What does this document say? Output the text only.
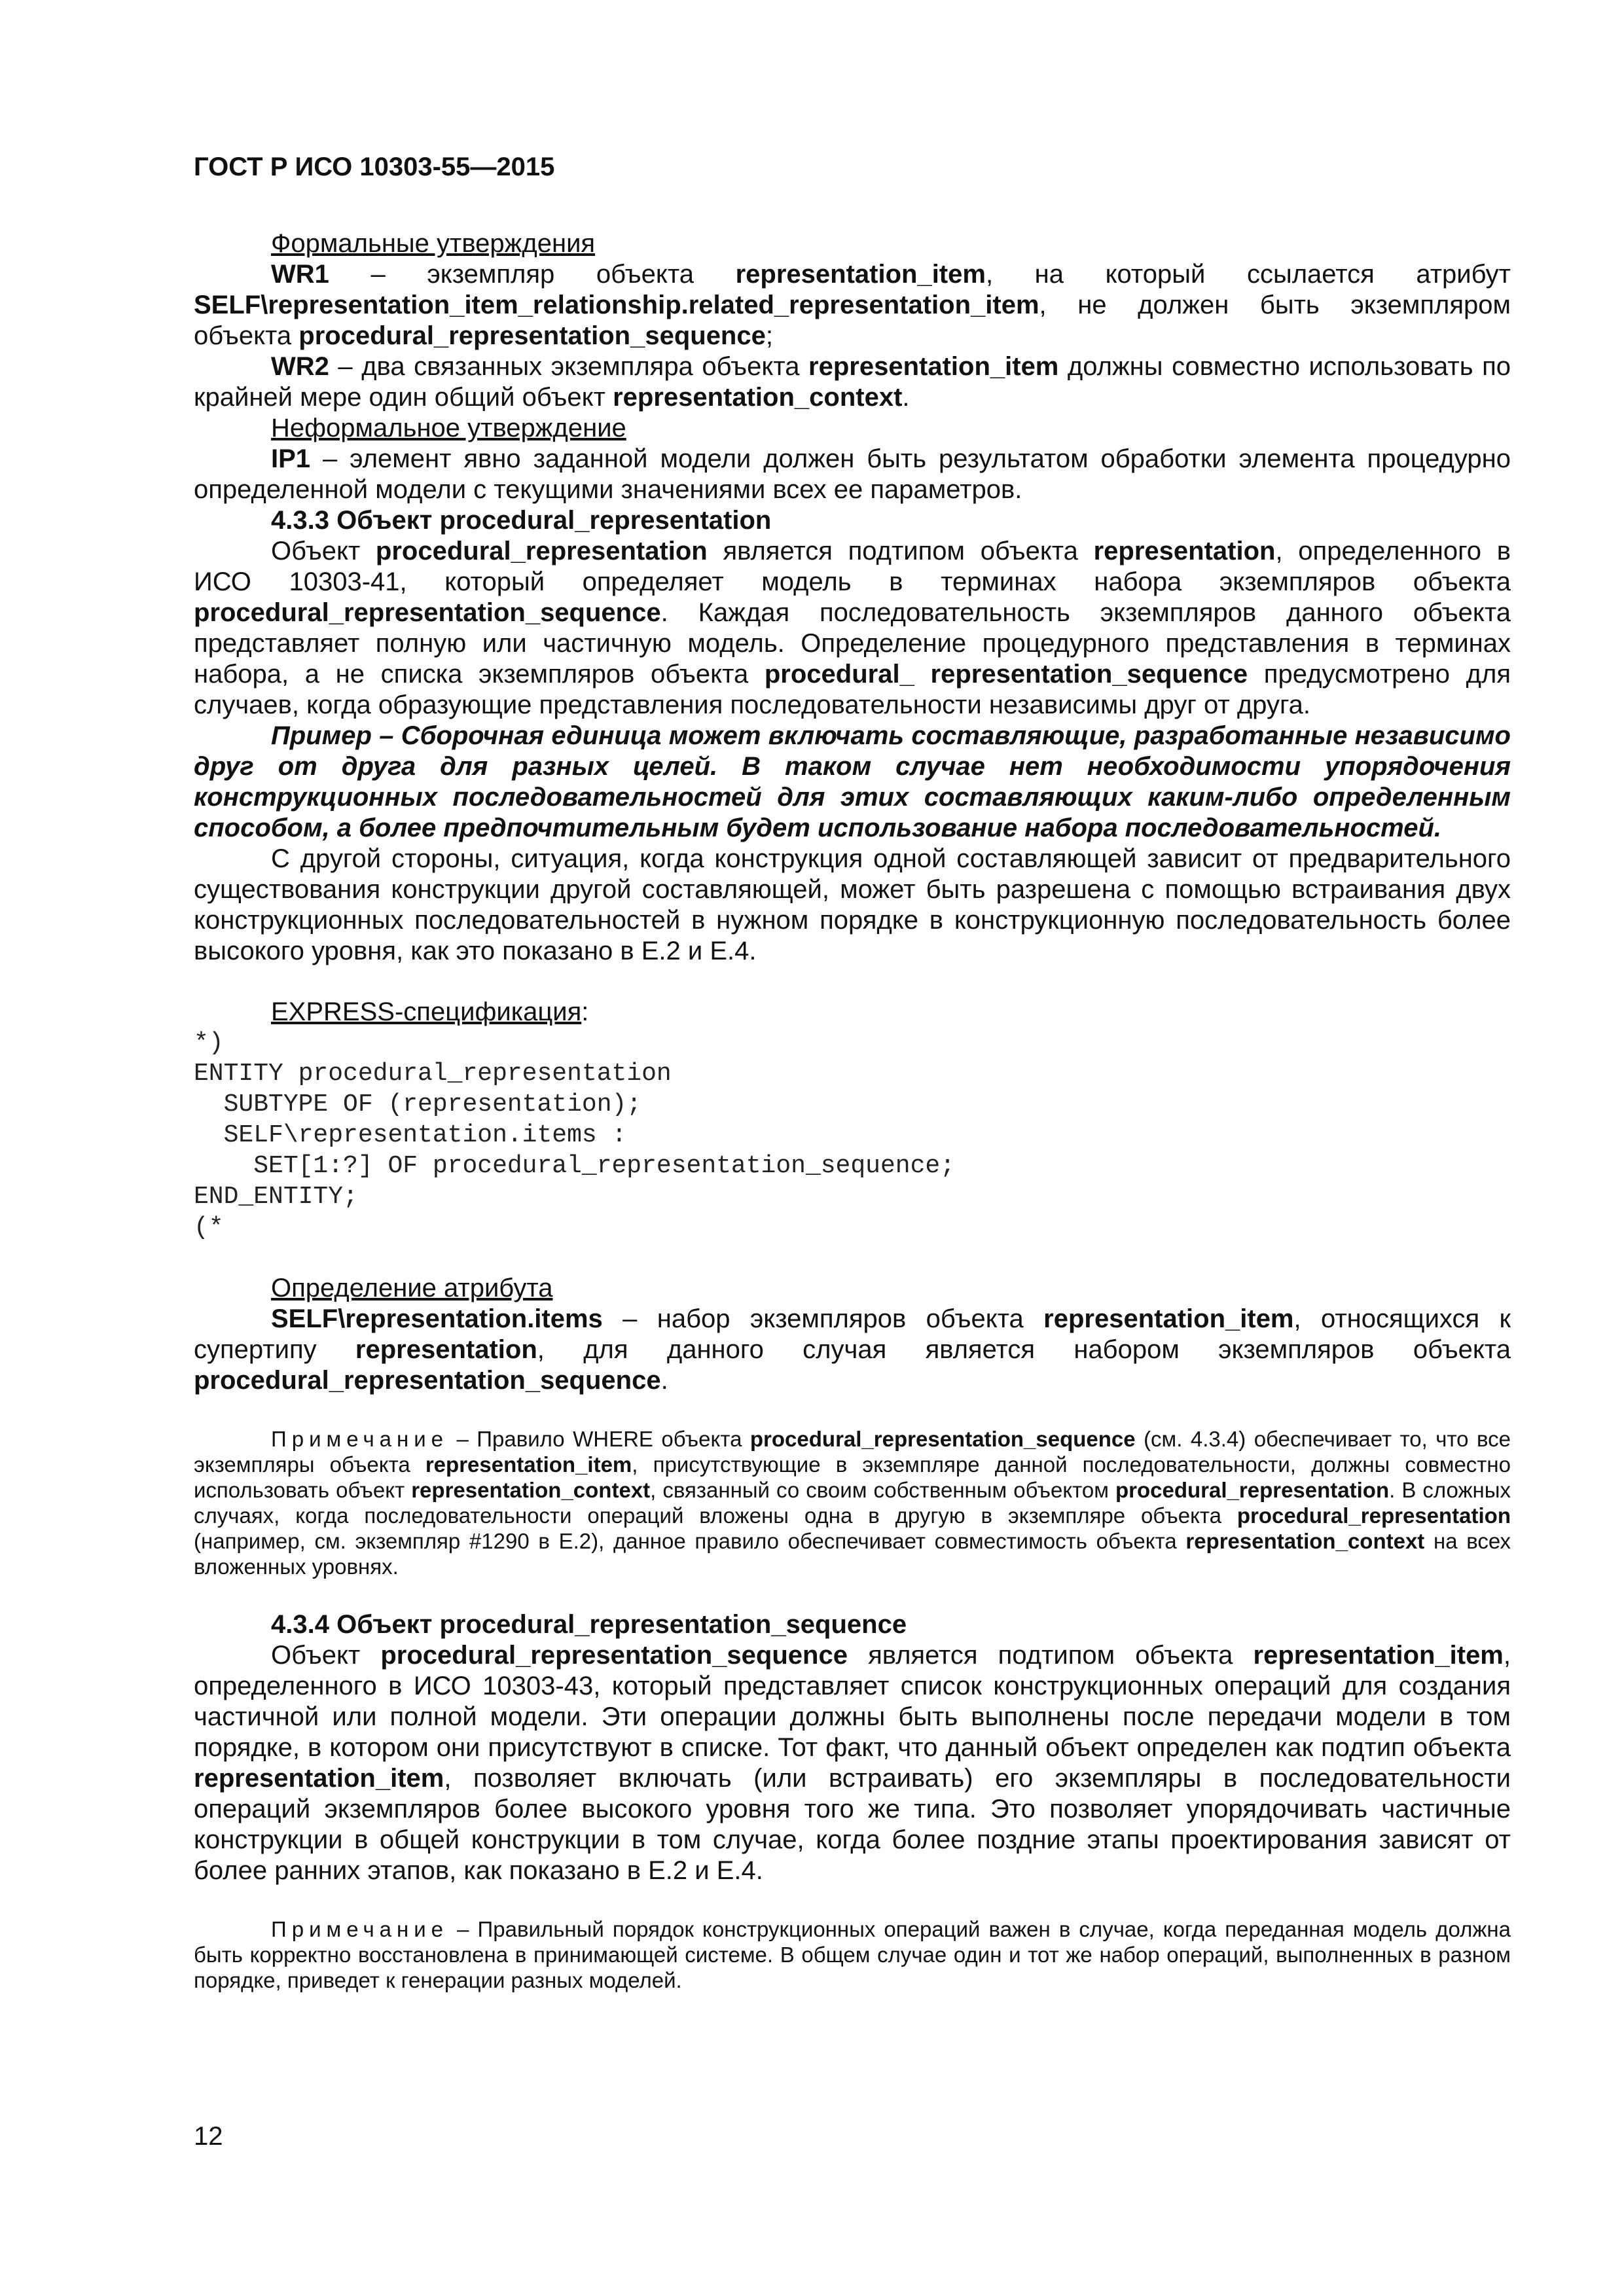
ГОСТ Р ИСО 10303-55—2015
Формальные утверждения

WR1 – экземпляр объекта representation_item, на который ссылается атрибут SELF\representation_item_relationship.related_representation_item, не должен быть экземпляром объекта procedural_representation_sequence;

WR2 – два связанных экземпляра объекта representation_item должны совместно использовать по крайней мере один общий объект representation_context.

Неформальное утверждение

IP1 – элемент явно заданной модели должен быть результатом обработки элемента процедурно определенной модели с текущими значениями всех ее параметров.

4.3.3 Объект procedural_representation

Объект procedural_representation является подтипом объекта representation, определенного в ИСО 10303-41, который определяет модель в терминах набора экземпляров объекта procedural_representation_sequence. Каждая последовательность экземпляров данного объекта представляет полную или частичную модель. Определение процедурного представления в терминах набора, а не списка экземпляров объекта procedural_ representation_sequence предусмотрено для случаев, когда образующие представления последовательности независимы друг от друга.

Пример – Сборочная единица может включать составляющие, разработанные независимо друг от друга для разных целей. В таком случае нет необходимости упорядочения конструкционных последовательностей для этих составляющих каким-либо определенным способом, а более предпочтительным будет использование набора последовательностей.

С другой стороны, ситуация, когда конструкция одной составляющей зависит от предварительного существования конструкции другой составляющей, может быть разрешена с помощью встраивания двух конструкционных последовательностей в нужном порядке в конструкционную последовательность более высокого уровня, как это показано в Е.2 и Е.4.

EXPRESS-спецификация:
*)
ENTITY procedural_representation
SUBTYPE OF (representation);
SELF\representation.items :
SET[1:?] OF procedural_representation_sequence;
END_ENTITY;
(*
Определение атрибута

SELF\representation.items – набор экземпляров объекта representation_item, относящихся к супертипу representation, для данного случая является набором экземпляров объекта procedural_representation_sequence.

Примечание – Правило WHERE объекта procedural_representation_sequence (см. 4.3.4) обеспечивает то, что все экземпляры объекта representation_item, присутствующие в экземпляре данной последовательности, должны совместно использовать объект representation_context, связанный со своим собственным объектом procedural_representation. В сложных случаях, когда последовательности операций вложены одна в другую в экземпляре объекта procedural_representation (например, см. экземпляр #1290 в Е.2), данное правило обеспечивает совместимость объекта representation_context на всех вложенных уровнях.

4.3.4 Объект procedural_representation_sequence

Объект procedural_representation_sequence является подтипом объекта representation_item, определенного в ИСО 10303-43, который представляет список конструкционных операций для создания частичной или полной модели. Эти операции должны быть выполнены после передачи модели в том порядке, в котором они присутствуют в списке. Тот факт, что данный объект определен как подтип объекта representation_item, позволяет включать (или встраивать) его экземпляры в последовательности операций экземпляров более высокого уровня того же типа. Это позволяет упорядочивать частичные конструкции в общей конструкции в том случае, когда более поздние этапы проектирования зависят от более ранних этапов, как показано в Е.2 и Е.4.

Примечание – Правильный порядок конструкционных операций важен в случае, когда переданная модель должна быть корректно восстановлена в принимающей системе. В общем случае один и тот же набор операций, выполненных в разном порядке, приведет к генерации разных моделей.

12
